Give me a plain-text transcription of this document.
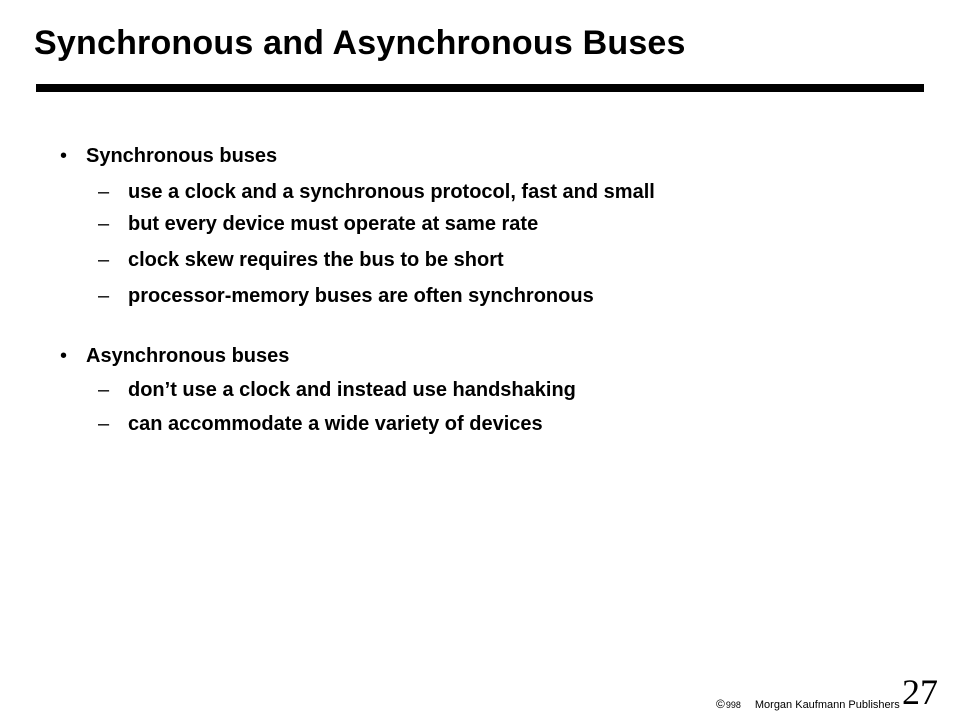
Synchronous and Asynchronous Buses
• Synchronous buses
– use a clock and a synchronous protocol, fast and small
– but every device must operate at same rate
– clock skew requires the bus to be short
– processor-memory buses are often synchronous
• Asynchronous buses
– don’t use a clock and instead use handshaking
– can accommodate a wide variety of devices
©998 Morgan Kaufmann Publishers 27
